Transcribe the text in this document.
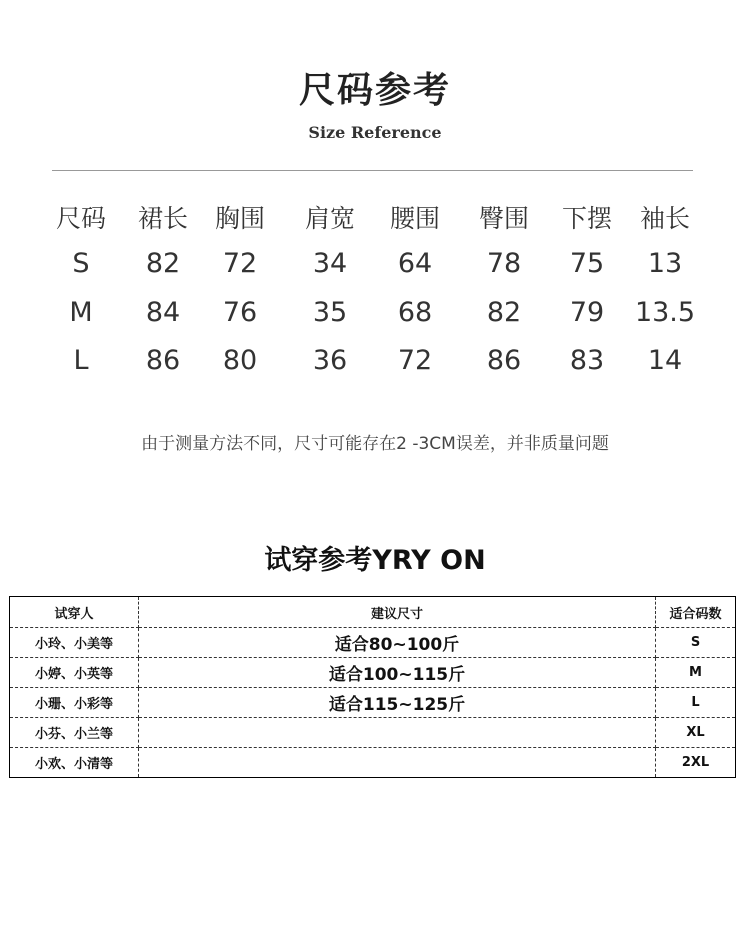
尺码参考
Size Reference
尺码 裙长 胸围 肩宽 腰围 臀围 下摆 袖长
S 82 72 34 64 78 75 13
M 84 76 35 68 82 79 13.5
L 86 80 36 72 86 83 14
由于测量方法不同，尺寸可能存在2 -3CM误差，并非质量问题
试穿参考YRY ON
试穿人	建议尺寸	适合码数
小玲、小美等	适合80~100斤	S
小婷、小英等	适合100~115斤	M
小珊、小彩等	适合115~125斤	L
小芬、小兰等		XL
小欢、小清等		2XL
